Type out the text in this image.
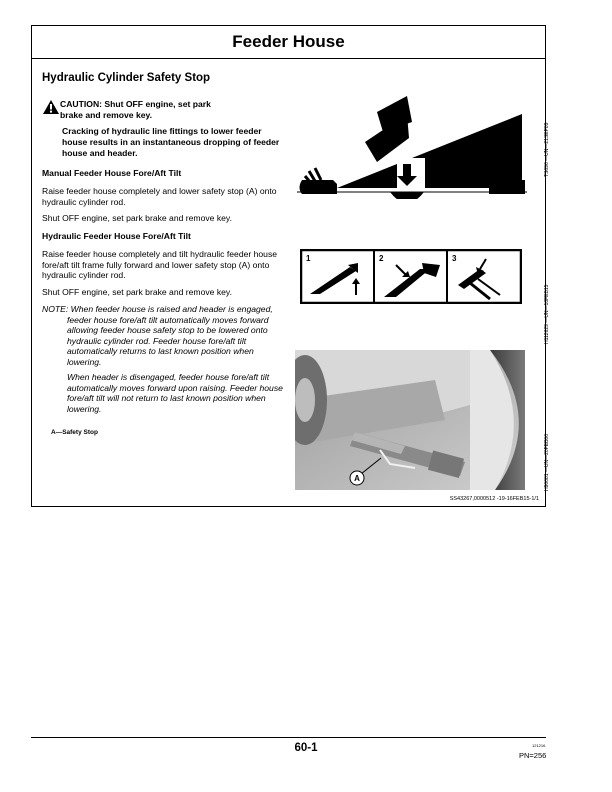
Feeder House
Hydraulic Cylinder Safety Stop
CAUTION: Shut OFF engine, set park
brake and remove key.
Cracking of hydraulic line fittings to lower feeder house results in an instantaneous dropping of feeder house and header.
Manual Feeder House Fore/Aft Tilt
Raise feeder house completely and lower safety stop (A) onto hydraulic cylinder rod.
Shut OFF engine, set park brake and remove key.
Hydraulic Feeder House Fore/Aft Tilt
Raise feeder house completely and tilt hydraulic feeder house fore/aft tilt frame fully forward and lower safety stop (A) onto hydraulic cylinder rod.
Shut OFF engine, set park brake and remove key.
NOTE: When feeder house is raised and header is engaged, feeder house fore/aft tilt automatically moves forward allowing feeder house safety stop to be lowered onto hydraulic cylinder rod. Feeder house fore/aft tilt automatically returns to last known position when lowering.
When header is disengaged, feeder house fore/aft tilt automatically moves forward upon raising. Feeder house fore/aft tilt will not return to last known position when lowering.
A—Safety Stop
SS43267,0000512 -19-16FEB15-1/1
TS696 —UN—21SEP89
1	2	3
H112629 —UN—18FEB15
A	H90681 —UN—20FEB06
60-1	121216
PN=256
